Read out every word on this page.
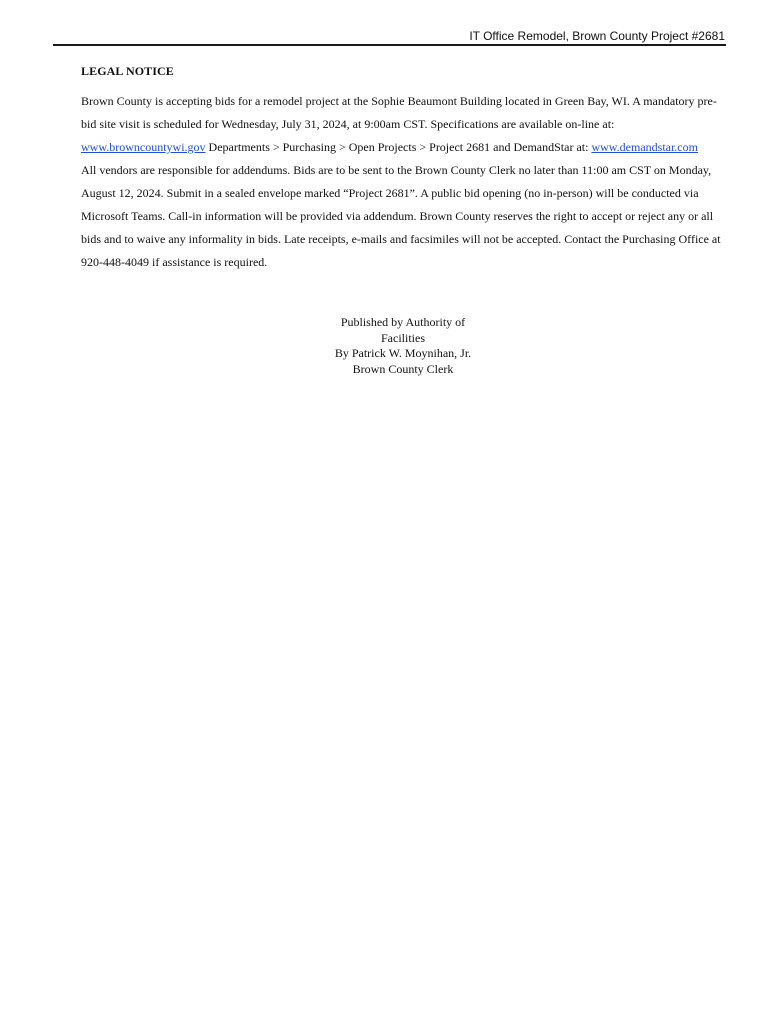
IT Office Remodel, Brown County Project #2681
LEGAL NOTICE

Brown County is accepting bids for a remodel project at the Sophie Beaumont Building located in Green Bay, WI. A mandatory pre-bid site visit is scheduled for Wednesday, July 31, 2024, at 9:00am CST. Specifications are available on-line at: www.browncountywi.gov Departments > Purchasing > Open Projects > Project 2681 and DemandStar at: www.demandstar.com

All vendors are responsible for addendums. Bids are to be sent to the Brown County Clerk no later than 11:00 am CST on Monday, August 12, 2024. Submit in a sealed envelope marked “Project 2681”. A public bid opening (no in-person) will be conducted via Microsoft Teams. Call-in information will be provided via addendum. Brown County reserves the right to accept or reject any or all bids and to waive any informality in bids. Late receipts, e-mails and facsimiles will not be accepted. Contact the Purchasing Office at 920-448-4049 if assistance is required.

Published by Authority of
Facilities
By Patrick W. Moynihan, Jr.
Brown County Clerk
